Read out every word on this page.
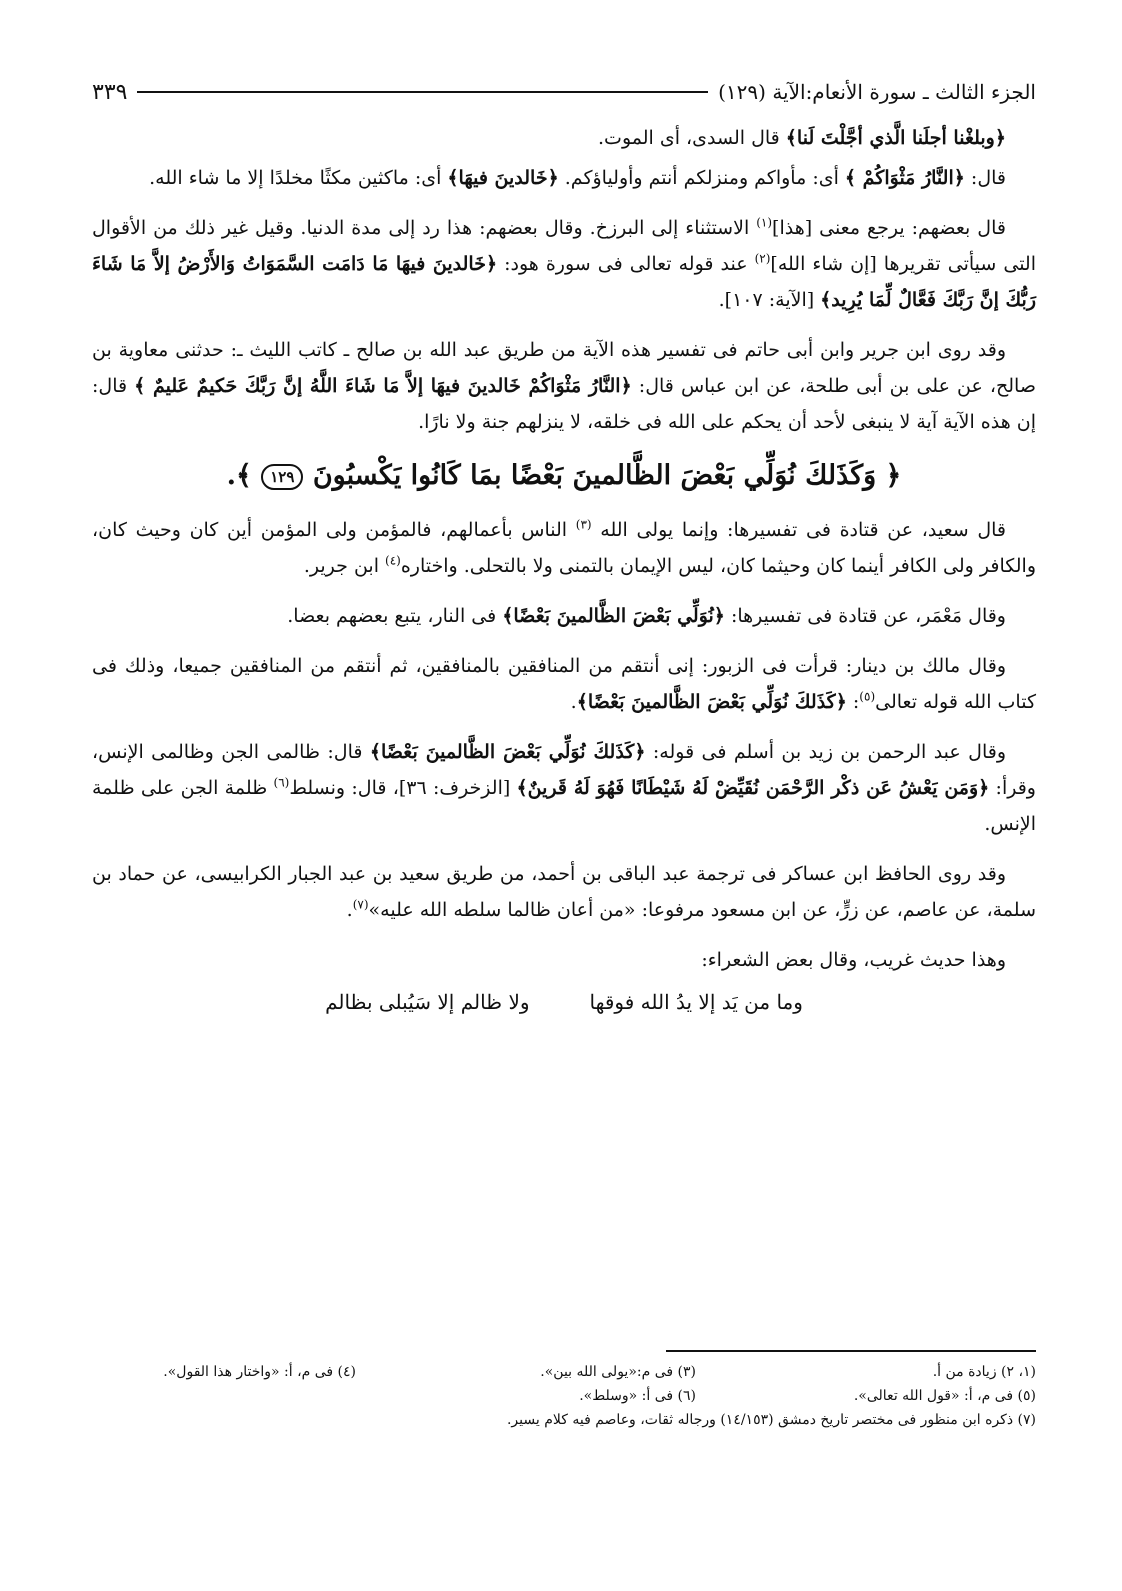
الجزء الثالث ـ سورة الأنعام:الآية (١٢٩)
٣٣٩

﴿وبلغْنا أجلَنا الَّذي أجَّلْتَ لَنا﴾ قال السدى، أى الموت.

قال: ﴿النَّارُ مَثْوَاكُمْ ﴾ أى: مأواكم ومنزلكم أنتم وأولياؤكم. ﴿خَالدينَ فيهَا﴾ أى: ماكثين مكثًا مخلدًا إلا ما شاء الله.

قال بعضهم: يرجع معنى [هذا]$^{(١)}$ الاستثناء إلى البرزخ. وقال بعضهم: هذا رد إلى مدة الدنيا. وقيل غير ذلك من الأقوال التى سيأتى تقريرها [إن شاء الله]$^{(٢)}$ عند قوله تعالى فى سورة هود: ﴿خَالدينَ فيهَا مَا دَامَت السَّمَوَاتُ وَالأَرْضُ إلاَّ مَا شَاءَ رَبُّكَ إنَّ رَبَّكَ فَعَّالٌ لِّمَا يُرِيد﴾ [الآية: ١٠٧].

وقد روى ابن جرير وابن أبى حاتم فى تفسير هذه الآية من طريق عبد الله بن صالح ـ كاتب الليث ـ: حدثنى معاوية بن صالح، عن على بن أبى طلحة، عن ابن عباس قال: ﴿النَّارُ مَثْوَاكُمْ خَالدينَ فيهَا إلاَّ مَا شَاءَ اللَّهُ إنَّ رَبَّكَ حَكيمٌ عَليمٌ ﴾ قال: إن هذه الآية آية لا ينبغى لأحد أن يحكم على الله فى خلقه، لا ينزلهم جنة ولا نارًا.

﴿ وَكَذَلكَ نُوَلِّي بَعْضَ الظَّالمينَ بَعْضًا بمَا كَانُوا يَكْسبُونَ ١٢٩ ﴾.

قال سعيد، عن قتادة فى تفسيرها: وإنما يولى الله $^{(٣)}$ الناس بأعمالهم، فالمؤمن ولى المؤمن أين كان وحيث كان، والكافر ولى الكافر أينما كان وحيثما كان، ليس الإيمان بالتمنى ولا بالتحلى. واختاره$^{(٤)}$ ابن جرير.

وقال مَعْمَر، عن قتادة فى تفسيرها: ﴿نُوَلِّي بَعْضَ الظَّالمينَ بَعْضًا﴾ فى النار، يتبع بعضهم بعضا.

وقال مالك بن دينار: قرأت فى الزبور: إنى أنتقم من المنافقين بالمنافقين، ثم أنتقم من المنافقين جميعا، وذلك فى كتاب الله قوله تعالى$^{(٥)}$: ﴿كَذَلكَ نُوَلِّي بَعْضَ الظَّالمينَ بَعْضًا﴾.

وقال عبد الرحمن بن زيد بن أسلم فى قوله: ﴿كَذَلكَ نُوَلِّي بَعْضَ الظَّالمينَ بَعْضًا﴾ قال: ظالمى الجن وظالمى الإنس، وقرأ: ﴿وَمَن يَعْشُ عَن ذكْر الرَّحْمَن نُقَيِّضْ لَهُ شَيْطَانًا فَهُوَ لَهُ قَرينٌ﴾ [الزخرف: ٣٦]، قال: ونسلط$^{(٦)}$ ظلمة الجن على ظلمة الإنس.

وقد روى الحافظ ابن عساكر فى ترجمة عبد الباقى بن أحمد، من طريق سعيد بن عبد الجبار الكرابيسى، عن حماد بن سلمة، عن عاصم، عن زرٍّ، عن ابن مسعود مرفوعا: «من أعان ظالما سلطه الله عليه»$^{(٧)}$.

وهذا حديث غريب، وقال بعض الشعراء:

وما من يَد إلا يدُ الله فوقها
ولا ظالم إلا سَيُبلى بظالم
(١، ٢) زيادة من أ.
(٣) فى م:«يولى الله بين».
(٤) فى م، أ: «واختار هذا القول».
(٥) فى م، أ: «قول الله تعالى».
(٦) فى أ: «وسلط».
(٧) ذكره ابن منظور فى مختصر تاريخ دمشق (١٤/١٥٣) ورجاله ثقات، وعاصم فيه كلام يسير.
